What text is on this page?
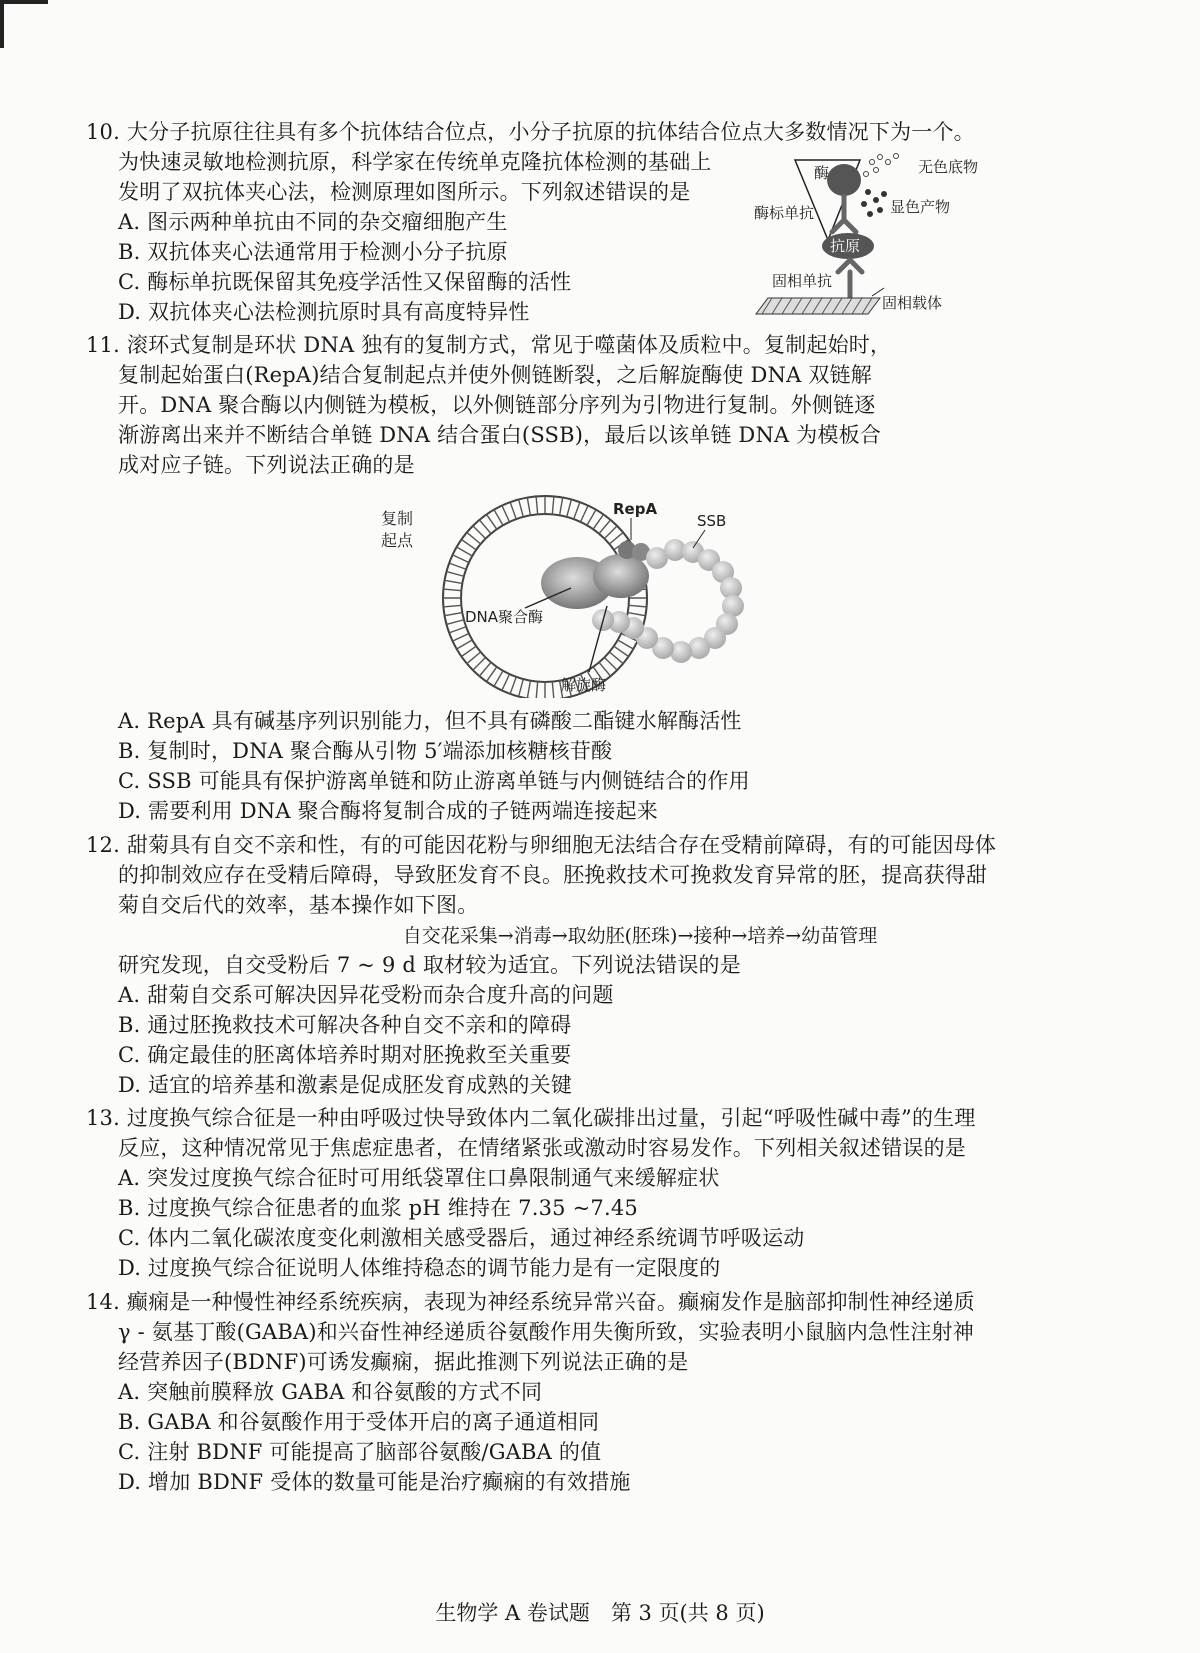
10. 大分子抗原往往具有多个抗体结合位点，小分子抗原的抗体结合位点大多数情况下为一个。
为快速灵敏地检测抗原，科学家在传统单克隆抗体检测的基础上
发明了双抗体夹心法，检测原理如图所示。下列叙述错误的是
A. 图示两种单抗由不同的杂交瘤细胞产生
B. 双抗体夹心法通常用于检测小分子抗原
C. 酶标单抗既保留其免疫学活性又保留酶的活性
D. 双抗体夹心法检测抗原时具有高度特异性
酶	无色底物
显色产物
酶标单抗
抗原
固相单抗
固相载体
11. 滚环式复制是环状 DNA 独有的复制方式，常见于噬菌体及质粒中。复制起始时，
复制起始蛋白(RepA)结合复制起点并使外侧链断裂，之后解旋酶使 DNA 双链解
开。DNA 聚合酶以内侧链为模板，以外侧链部分序列为引物进行复制。外侧链逐
渐游离出来并不断结合单链 DNA 结合蛋白(SSB)，最后以该单链 DNA 为模板合
成对应子链。下列说法正确的是
RepA
SSB
复制
起点
DNA聚合酶
解旋酶
A. RepA 具有碱基序列识别能力，但不具有磷酸二酯键水解酶活性
B. 复制时，DNA 聚合酶从引物 5′端添加核糖核苷酸
C. SSB 可能具有保护游离单链和防止游离单链与内侧链结合的作用
D. 需要利用 DNA 聚合酶将复制合成的子链两端连接起来
12. 甜菊具有自交不亲和性，有的可能因花粉与卵细胞无法结合存在受精前障碍，有的可能因母体
的抑制效应存在受精后障碍，导致胚发育不良。胚挽救技术可挽救发育异常的胚，提高获得甜
菊自交后代的效率，基本操作如下图。
自交花采集→消毒→取幼胚(胚珠)→接种→培养→幼苗管理
研究发现，自交受粉后 7 ~ 9 d 取材较为适宜。下列说法错误的是
A. 甜菊自交系可解决因异花受粉而杂合度升高的问题
B. 通过胚挽救技术可解决各种自交不亲和的障碍
C. 确定最佳的胚离体培养时期对胚挽救至关重要
D. 适宜的培养基和激素是促成胚发育成熟的关键
13. 过度换气综合征是一种由呼吸过快导致体内二氧化碳排出过量，引起“呼吸性碱中毒”的生理
反应，这种情况常见于焦虑症患者，在情绪紧张或激动时容易发作。下列相关叙述错误的是
A. 突发过度换气综合征时可用纸袋罩住口鼻限制通气来缓解症状
B. 过度换气综合征患者的血浆 pH 维持在 7.35 ~7.45
C. 体内二氧化碳浓度变化刺激相关感受器后，通过神经系统调节呼吸运动
D. 过度换气综合征说明人体维持稳态的调节能力是有一定限度的
14. 癫痫是一种慢性神经系统疾病，表现为神经系统异常兴奋。癫痫发作是脑部抑制性神经递质
γ - 氨基丁酸(GABA)和兴奋性神经递质谷氨酸作用失衡所致，实验表明小鼠脑内急性注射神
经营养因子(BDNF)可诱发癫痫，据此推测下列说法正确的是
A. 突触前膜释放 GABA 和谷氨酸的方式不同
B. GABA 和谷氨酸作用于受体开启的离子通道相同
C. 注射 BDNF 可能提高了脑部谷氨酸/GABA 的值
D. 增加 BDNF 受体的数量可能是治疗癫痫的有效措施
生物学 A 卷试题　第 3 页(共 8 页)
